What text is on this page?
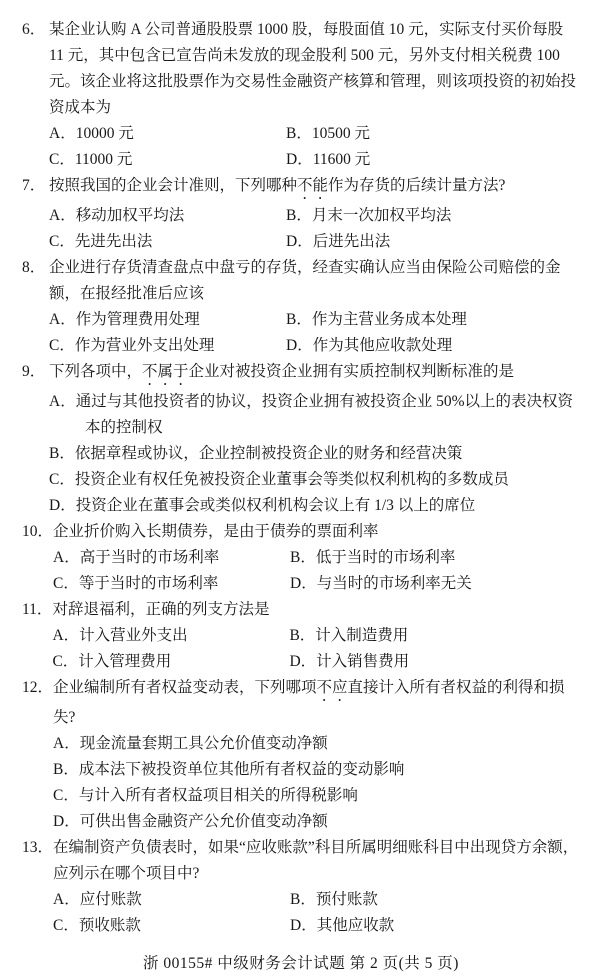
6． 某企业认购 A 公司普通股股票 1000 股，每股面值 10 元，实际支付买价每股 11 元，其中包含已宣告尚未发放的现金股利 500 元，另外支付相关税费 100 元。该企业将这批股票作为交易性金融资产核算和管理，则该项投资的初始投资成本为
A．10000 元	B．10500 元
C．11000 元	D．11600 元
7． 按照我国的企业会计准则，下列哪种不能作为存货的后续计量方法?
A．移动加权平均法	B．月末一次加权平均法
C．先进先出法	D．后进先出法
8． 企业进行存货清查盘点中盘亏的存货，经查实确认应当由保险公司赔偿的金额，在报经批准后应该
A．作为管理费用处理	B．作为主营业务成本处理
C．作为营业外支出处理	D．作为其他应收款处理
9． 下列各项中，不属于企业对被投资企业拥有实质控制权判断标准的是
A．通过与其他投资者的协议，投资企业拥有被投资企业 50%以上的表决权资本的控制权
B．依据章程或协议，企业控制被投资企业的财务和经营决策
C．投资企业有权任免被投资企业董事会等类似权利机构的多数成员
D．投资企业在董事会或类似权利机构会议上有 1/3 以上的席位
10． 企业折价购入长期债券，是由于债券的票面利率
A．高于当时的市场利率	B．低于当时的市场利率
C．等于当时的市场利率	D．与当时的市场利率无关
11． 对辞退福利，正确的列支方法是
A．计入营业外支出	B．计入制造费用
C．计入管理费用	D．计入销售费用
12． 企业编制所有者权益变动表，下列哪项不应直接计入所有者权益的利得和损失?
A．现金流量套期工具公允价值变动净额
B．成本法下被投资单位其他所有者权益的变动影响
C．与计入所有者权益项目相关的所得税影响
D．可供出售金融资产公允价值变动净额
13． 在编制资产负债表时，如果“应收账款”科目所属明细账科目中出现贷方余额，应列示在哪个项目中?
A．应付账款	B．预付账款
C．预收账款	D．其他应收款
浙 00155# 中级财务会计试题 第 2 页(共 5 页)
